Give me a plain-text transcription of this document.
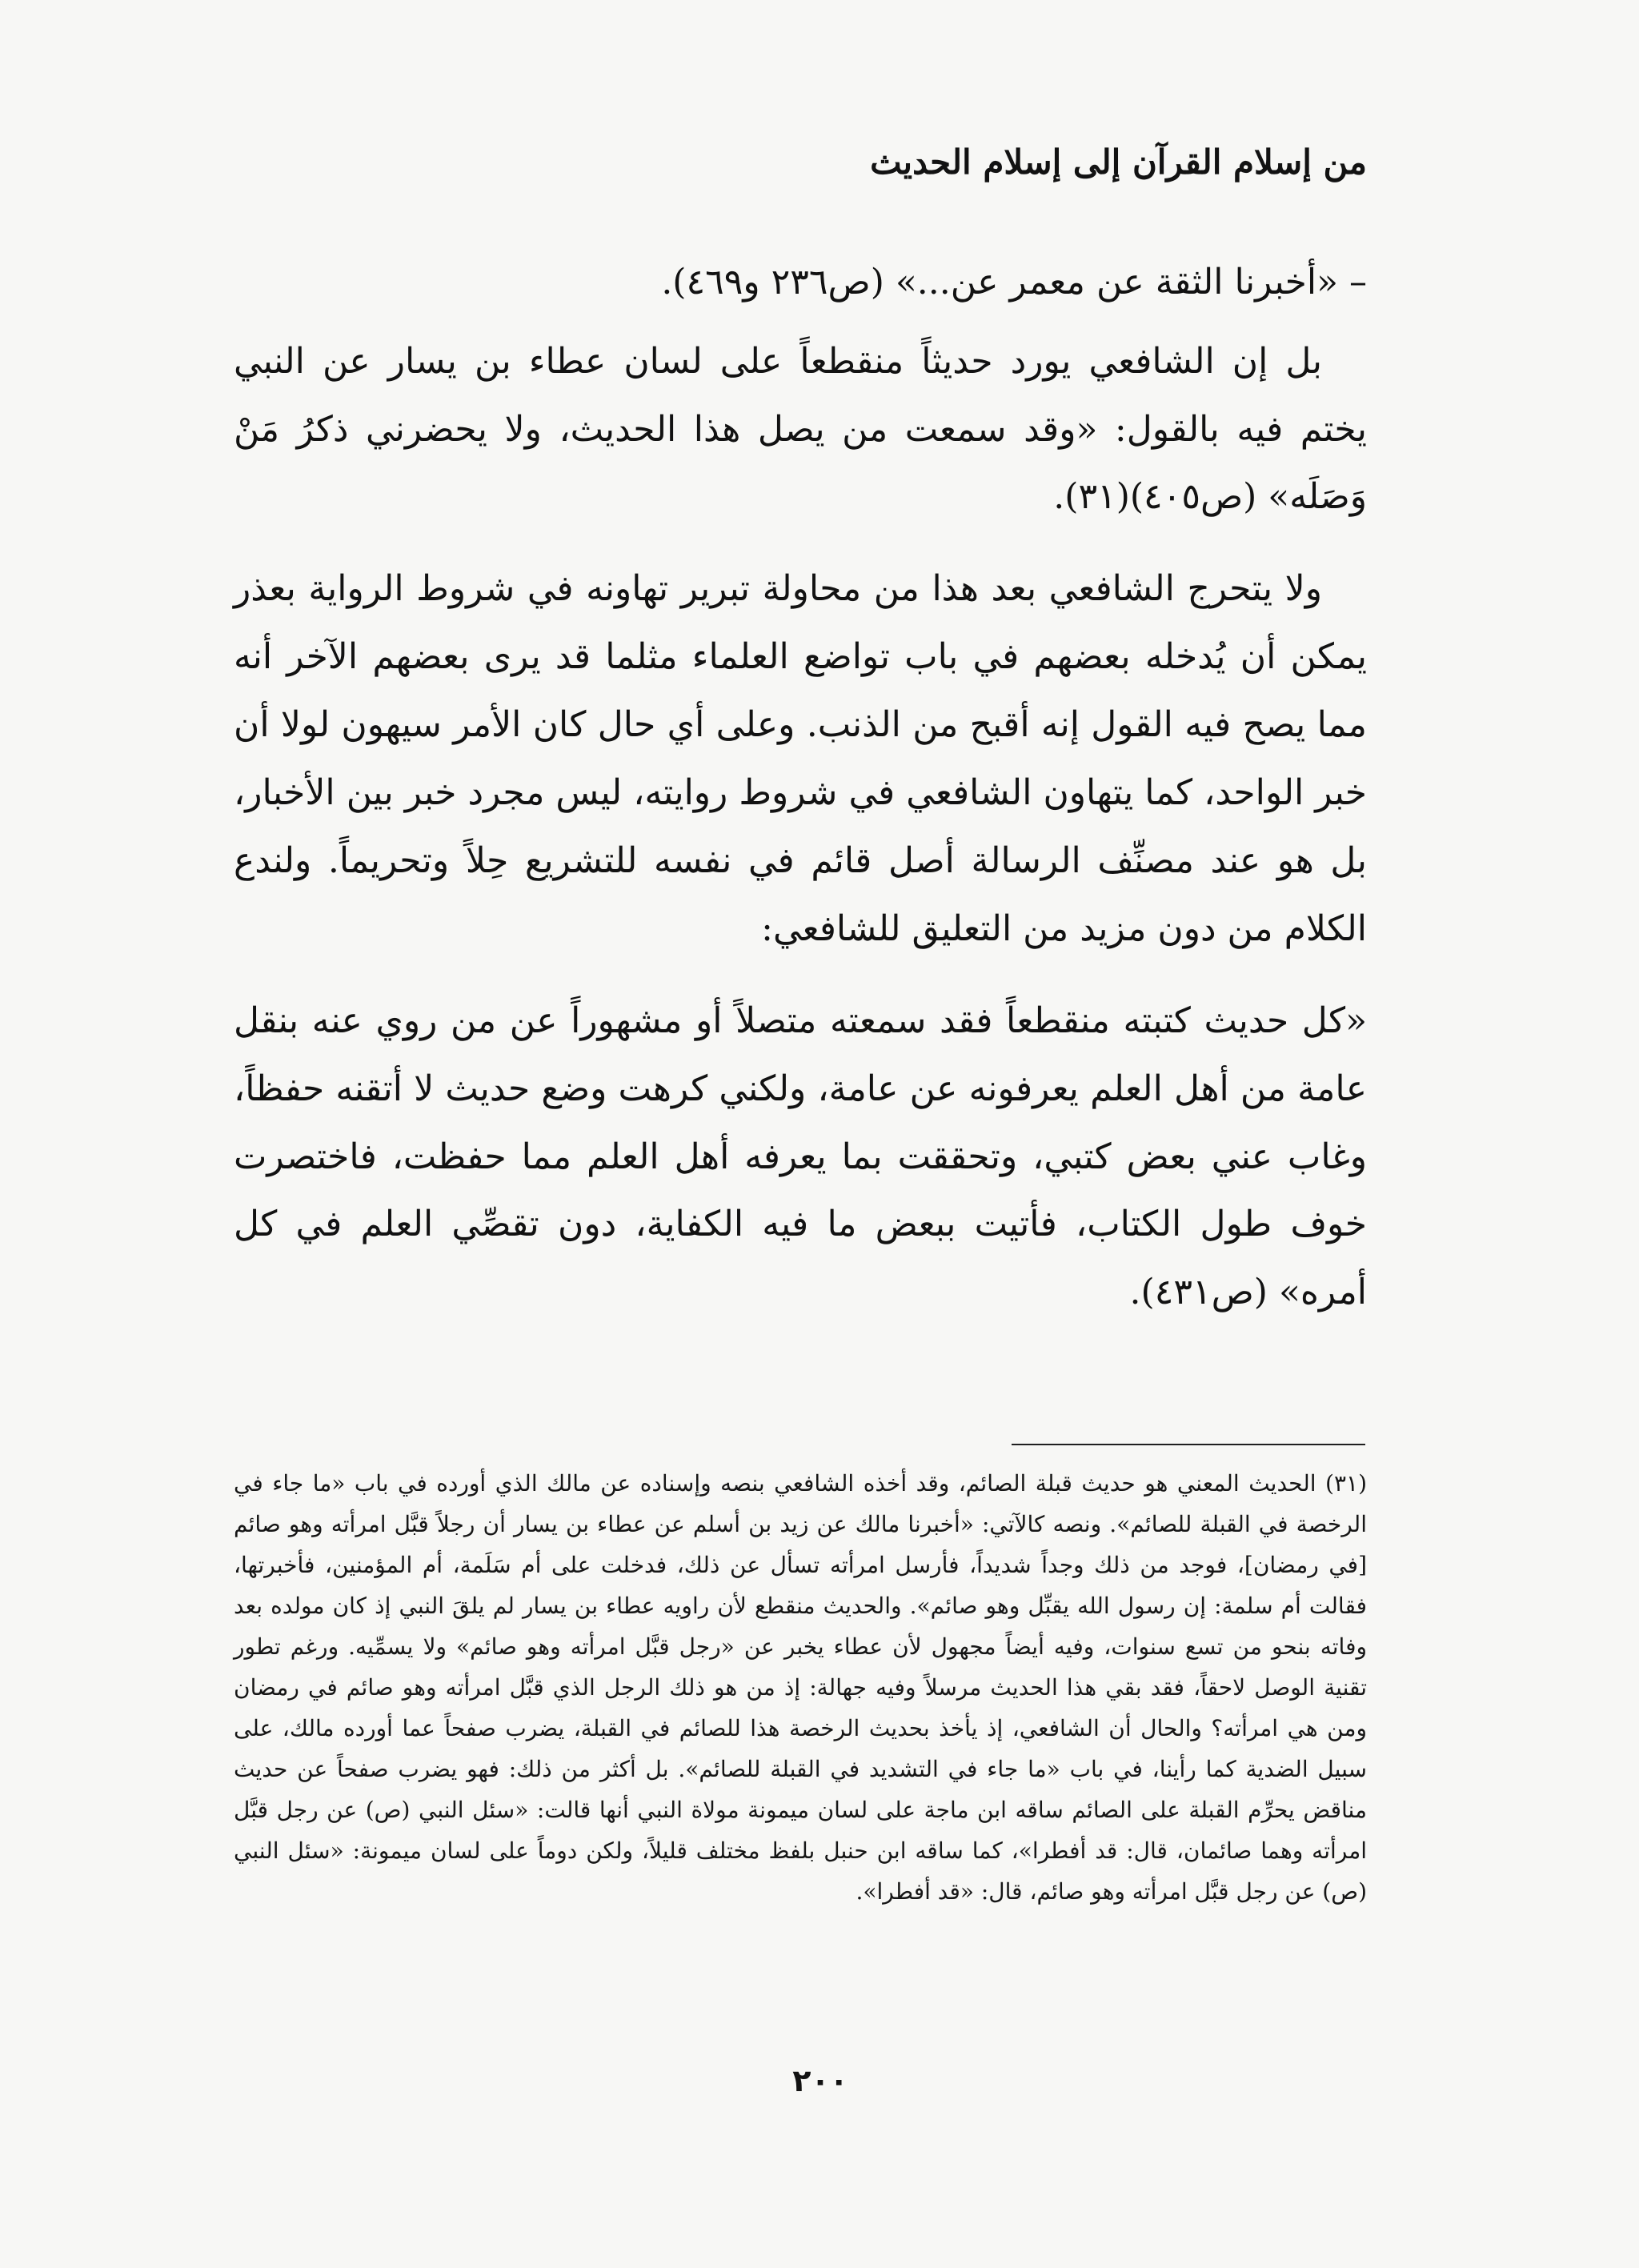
من إسلام القرآن إلى إسلام الحديث

– «أخبرنا الثقة عن معمر عن...» (ص٢٣٦ و٤٦٩).

بل إن الشافعي يورد حديثاً منقطعاً على لسان عطاء بن يسار عن النبي يختم فيه بالقول: «وقد سمعت من يصل هذا الحديث، ولا يحضرني ذكرُ مَنْ وَصَلَه» (ص٤٠٥)(٣١).

ولا يتحرج الشافعي بعد هذا من محاولة تبرير تهاونه في شروط الرواية بعذر يمكن أن يُدخله بعضهم في باب تواضع العلماء مثلما قد يرى بعضهم الآخر أنه مما يصح فيه القول إنه أقبح من الذنب. وعلى أي حال كان الأمر سيهون لولا أن خبر الواحد، كما يتهاون الشافعي في شروط روايته، ليس مجرد خبر بين الأخبار، بل هو عند مصنِّف الرسالة أصل قائم في نفسه للتشريع حِلاً وتحريماً. ولندع الكلام من دون مزيد من التعليق للشافعي:

«كل حديث كتبته منقطعاً فقد سمعته متصلاً أو مشهوراً عن من روي عنه بنقل عامة من أهل العلم يعرفونه عن عامة، ولكني كرهت وضع حديث لا أتقنه حفظاً، وغاب عني بعض كتبي، وتحققت بما يعرفه أهل العلم مما حفظت، فاختصرت خوف طول الكتاب، فأتيت ببعض ما فيه الكفاية، دون تقصِّي العلم في كل أمره» (ص٤٣١).

(٣١) الحديث المعني هو حديث قبلة الصائم، وقد أخذه الشافعي بنصه وإسناده عن مالك الذي أورده في باب «ما جاء في الرخصة في القبلة للصائم». ونصه كالآتي: «أخبرنا مالك عن زيد بن أسلم عن عطاء بن يسار أن رجلاً قبَّل امرأته وهو صائم [في رمضان]، فوجد من ذلك وجداً شديداً، فأرسل امرأته تسأل عن ذلك، فدخلت على أم سَلَمة، أم المؤمنين، فأخبرتها، فقالت أم سلمة: إن رسول الله يقبِّل وهو صائم». والحديث منقطع لأن راويه عطاء بن يسار لم يلقَ النبي إذ كان مولده بعد وفاته بنحو من تسع سنوات، وفيه أيضاً مجهول لأن عطاء يخبر عن «رجل قبَّل امرأته وهو صائم» ولا يسمِّيه. ورغم تطور تقنية الوصل لاحقاً، فقد بقي هذا الحديث مرسلاً وفيه جهالة: إذ من هو ذلك الرجل الذي قبَّل امرأته وهو صائم في رمضان ومن هي امرأته؟ والحال أن الشافعي، إذ يأخذ بحديث الرخصة هذا للصائم في القبلة، يضرب صفحاً عما أورده مالك، على سبيل الضدية كما رأينا، في باب «ما جاء في التشديد في القبلة للصائم». بل أكثر من ذلك: فهو يضرب صفحاً عن حديث مناقض يحرِّم القبلة على الصائم ساقه ابن ماجة على لسان ميمونة مولاة النبي أنها قالت: «سئل النبي (ص) عن رجل قبَّل امرأته وهما صائمان، قال: قد أفطرا»، كما ساقه ابن حنبل بلفظ مختلف قليلاً، ولكن دوماً على لسان ميمونة: «سئل النبي (ص) عن رجل قبَّل امرأته وهو صائم، قال: «قد أفطرا».
٢٠٠
